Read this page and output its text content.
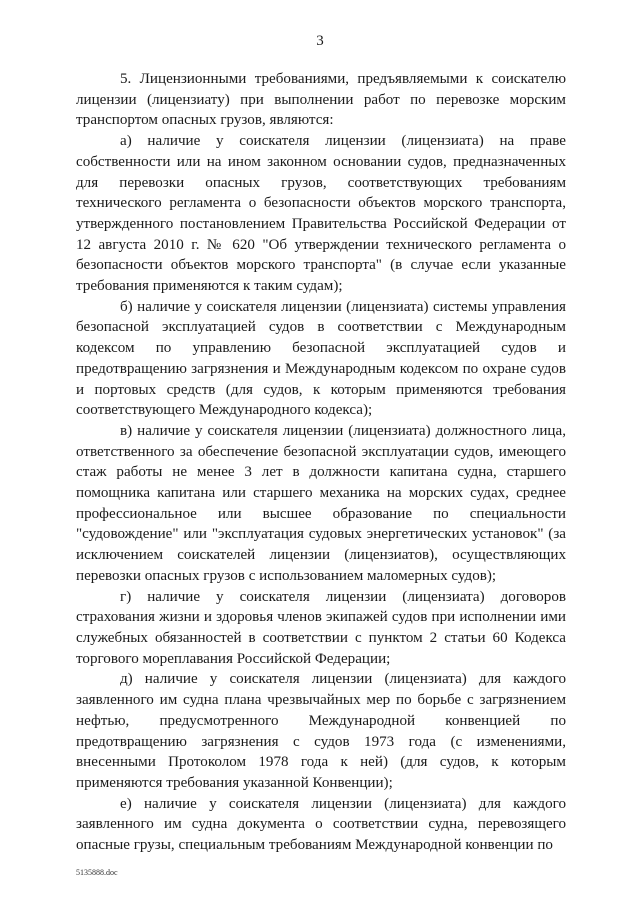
3

5. Лицензионными требованиями, предъявляемыми к соискателю лицензии (лицензиату) при выполнении работ по перевозке морским транспортом опасных грузов, являются:

а) наличие у соискателя лицензии (лицензиата) на праве собственности или на ином законном основании судов, предназначенных для перевозки опасных грузов, соответствующих требованиям технического регламента о безопасности объектов морского транспорта, утвержденного постановлением Правительства Российской Федерации от 12 августа 2010 г. № 620 "Об утверждении технического регламента о безопасности объектов морского транспорта" (в случае если указанные требования применяются к таким судам);

б) наличие у соискателя лицензии (лицензиата) системы управления безопасной эксплуатацией судов в соответствии с Международным кодексом по управлению безопасной эксплуатацией судов и предотвращению загрязнения и Международным кодексом по охране судов и портовых средств (для судов, к которым применяются требования соответствующего Международного кодекса);

в) наличие у соискателя лицензии (лицензиата) должностного лица, ответственного за обеспечение безопасной эксплуатации судов, имеющего стаж работы не менее 3 лет в должности капитана судна, старшего помощника капитана или старшего механика на морских судах, среднее профессиональное или высшее образование по специальности "судовождение" или "эксплуатация судовых энергетических установок" (за исключением соискателей лицензии (лицензиатов), осуществляющих перевозки опасных грузов с использованием маломерных судов);

г) наличие у соискателя лицензии (лицензиата) договоров страхования жизни и здоровья членов экипажей судов при исполнении ими служебных обязанностей в соответствии с пунктом 2 статьи 60 Кодекса торгового мореплавания Российской Федерации;

д) наличие у соискателя лицензии (лицензиата) для каждого заявленного им судна плана чрезвычайных мер по борьбе с загрязнением нефтью, предусмотренного Международной конвенцией по предотвращению загрязнения с судов 1973 года (с изменениями, внесенными Протоколом 1978 года к ней) (для судов, к которым применяются требования указанной Конвенции);

е) наличие у соискателя лицензии (лицензиата) для каждого заявленного им судна документа о соответствии судна, перевозящего опасные грузы, специальным требованиям Международной конвенции по

5135888.doc
